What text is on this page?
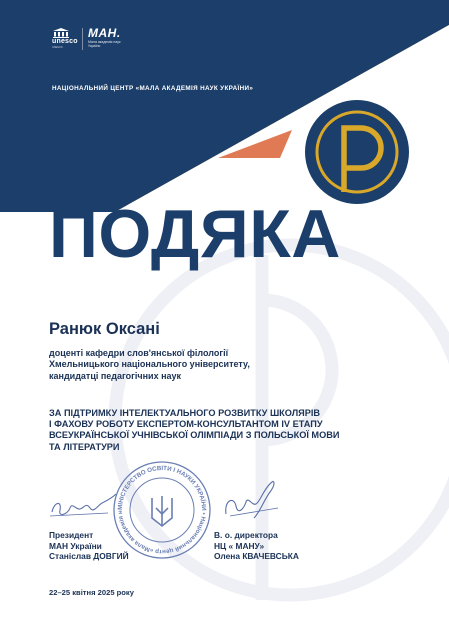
unesco
UNESCO
МАН.
Мала академія наук України
НАЦІОНАЛЬНИЙ ЦЕНТР «МАЛА АКАДЕМІЯ НАУК УКРАЇНИ»
ПОДЯКА
Ранюк Оксані
доценті кафедри слов'янської філології
Хмельницького національного університету,
кандидатці педагогічних наук
ЗА ПІДТРИМКУ ІНТЕЛЕКТУАЛЬНОГО РОЗВИТКУ ШКОЛЯРІВ
І ФАХОВУ РОБОТУ ЕКСПЕРТОМ-КОНСУЛЬТАНТОМ IV ЕТАПУ
ВСЕУКРАЇНСЬКОЇ УЧНІВСЬКОЇ ОЛІМПІАДИ З ПОЛЬСЬКОЇ МОВИ
ТА ЛІТЕРАТУРИ
МІНІСТЕРСТВО ОСВІТИ І НАУКИ УКРАЇНИ • Національний центр «Мала академія н
Президент
МАН України
Станіслав ДОВГИЙ
В. о. директора
НЦ « МАНУ»
Олена КВАЧЕВСЬКА
22–25 квітня 2025 року
